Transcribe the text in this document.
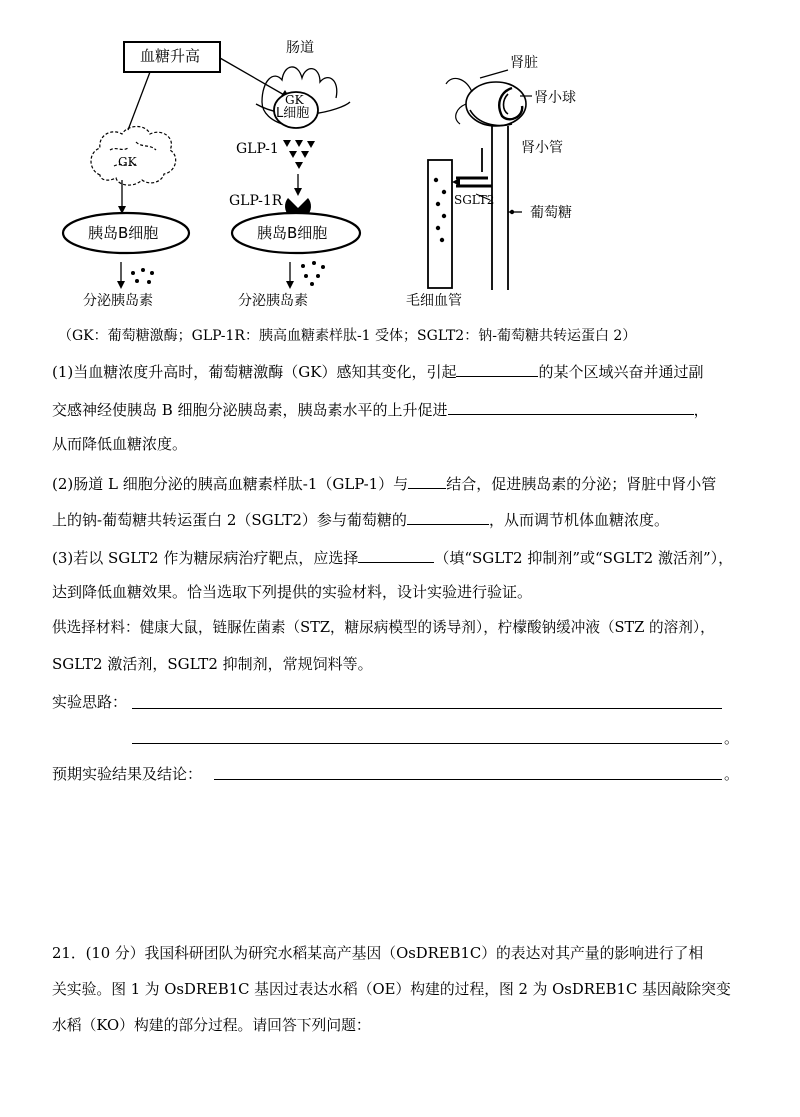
血糖升高	肠道
GK
L细胞
GK
GLP-1
GLP-1R
胰岛B细胞	胰岛B细胞
分泌胰岛素	分泌胰岛素
肾脏
肾小球
肾小管
SGLT2
葡萄糖
毛细血管
（GK：葡萄糖激酶；GLP-1R：胰高血糖素样肽-1 受体；SGLT2：钠-葡萄糖共转运蛋白 2）
(1)当血糖浓度升高时，葡萄糖激酶（GK）感知其变化，引起	的某个区域兴奋并通过副
交感神经使胰岛 B 细胞分泌胰岛素，胰岛素水平的上升促进	，
从而降低血糖浓度。
(2)肠道 L 细胞分泌的胰高血糖素样肽-1（GLP-1）与	结合，促进胰岛素的分泌；肾脏中肾小管
上的钠-葡萄糖共转运蛋白 2（SGLT2）参与葡萄糖的	，从而调节机体血糖浓度。
(3)若以 SGLT2 作为糖尿病治疗靶点，应选择	（填“SGLT2 抑制剂”或“SGLT2 激活剂”），
达到降低血糖效果。恰当选取下列提供的实验材料，设计实验进行验证。
供选择材料：健康大鼠，链脲佐菌素（STZ，糖尿病模型的诱导剂），柠檬酸钠缓冲液（STZ 的溶剂），
SGLT2 激活剂，SGLT2 抑制剂，常规饲料等。
实验思路：
。
预期实验结果及结论：	。
21．(10 分）我国科研团队为研究水稻某高产基因（OsDREB1C）的表达对其产量的影响进行了相
关实验。图 1 为 OsDREB1C 基因过表达水稻（OE）构建的过程，图 2 为 OsDREB1C 基因敲除突变
水稻（KO）构建的部分过程。请回答下列问题：
